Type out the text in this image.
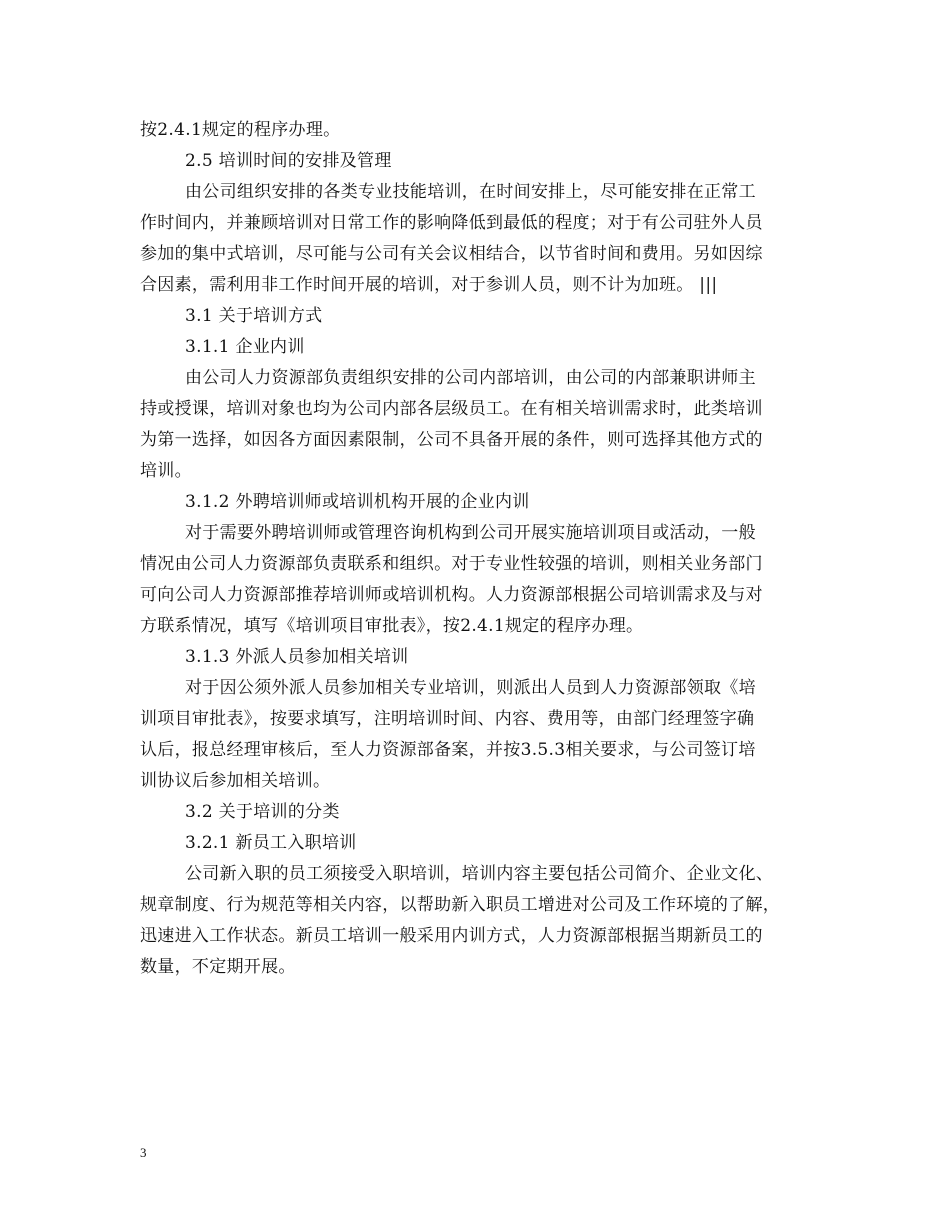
按2.4.1规定的程序办理。
2.5 培训时间的安排及管理
由公司组织安排的各类专业技能培训，在时间安排上，尽可能安排在正常工
作时间内，并兼顾培训对日常工作的影响降低到最低的程度；对于有公司驻外人员
参加的集中式培训，尽可能与公司有关会议相结合，以节省时间和费用。另如因综
合因素，需利用非工作时间开展的培训，对于参训人员，则不计为加班。 |||
3.1 关于培训方式
3.1.1 企业内训
由公司人力资源部负责组织安排的公司内部培训，由公司的内部兼职讲师主
持或授课，培训对象也均为公司内部各层级员工。在有相关培训需求时，此类培训
为第一选择，如因各方面因素限制，公司不具备开展的条件，则可选择其他方式的
培训。
3.1.2 外聘培训师或培训机构开展的企业内训
对于需要外聘培训师或管理咨询机构到公司开展实施培训项目或活动，一般
情况由公司人力资源部负责联系和组织。对于专业性较强的培训，则相关业务部门
可向公司人力资源部推荐培训师或培训机构。人力资源部根据公司培训需求及与对
方联系情况，填写《培训项目审批表》，按2.4.1规定的程序办理。
3.1.3 外派人员参加相关培训
对于因公须外派人员参加相关专业培训，则派出人员到人力资源部领取《培
训项目审批表》，按要求填写，注明培训时间、内容、费用等，由部门经理签字确
认后，报总经理审核后，至人力资源部备案，并按3.5.3相关要求，与公司签订培
训协议后参加相关培训。
3.2 关于培训的分类
3.2.1 新员工入职培训
公司新入职的员工须接受入职培训，培训内容主要包括公司简介、企业文化、
规章制度、行为规范等相关内容，以帮助新入职员工增进对公司及工作环境的了解，
迅速进入工作状态。新员工培训一般采用内训方式，人力资源部根据当期新员工的
数量，不定期开展。
3
